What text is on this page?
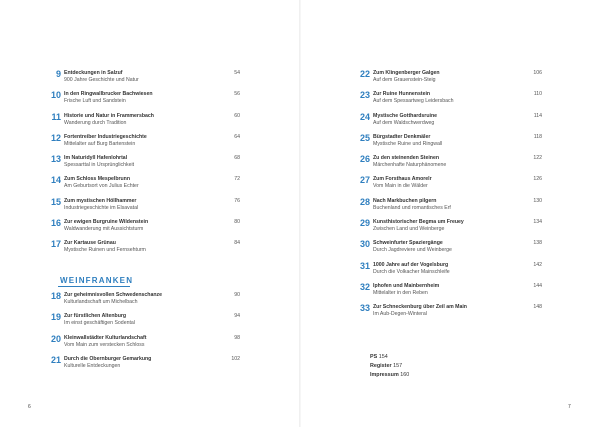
9 Entdeckungen in Salzuf
900 Jahre Geschichte und Natur
54
10 In den Ringwallbrucker Bachwiesen
Frische Luft und Sandstein
56
11 Historie und Natur in Frammersbach
Wanderung durch Tradition
60
12 Fortentreiber Industriegeschichte
Mittelalter auf Burg Bartenstein
64
13 Im Naturidyll Hafenlohrtal
Spessarttal in Ursprünglichkeit
68
14 Zum Schloss Mespelbrunn
Am Geburtsort von Julius Echter
72
15 Zum mystischen Höllhammer
Industriegeschichte im Elsavatal
76
16 Zur ewigen Burgruine Wildenstein
Waldwanderung mit Aussichtsturm
80
17 Zur Kartause Grünau
Mystische Ruinen und Fernsehturm
84
WEINFRANKEN
18 Zur geheimnisvollen Schwedenschanze
Kulturlandschaft um Michelbach
90
19 Zur fürstlichen Altenburg
Im einst geschäftigen Sodental
94
20 Kleinwallstädter Kulturlandschaft
Vom Main zum verstecken Schloss
98
21 Durch die Obernburger Gemarkung
Kulturelle Entdeckungen
102
6	7
22 Zum Klingenberger Galgen
Auf dem Grauenstein-Steig
106
23 Zur Ruine Hunnenstein
Auf dem Spessartweg Leidersbach
110
24 Mystische Gotthardsruine
Auf dem Waldschwerdweg
114
25 Bürgstadter Denkmäler
Mystische Ruine und Ringwall
118
26 Zu den steinenden Steinen
Märchenhafte Naturphänomene
122
27 Zum Forsthaus Amorelr
Vom Main in die Wälder
126
28 Nach Markbuchen pilgern
Buchenland und romantisches Erf
130
29 Kunsthistorischer Begma um Freuey
Zwischen Land und Weinberge
134
30 Schweinfurter Spaziergänge
Durch Jagdreviere und Weinberge
138
31 1000 Jahre auf der Vogelsburg
Durch die Volkacher Mainschleife
142
32 Iphofen und Mainbernheim
Mittelalter in den Reben
144
33 Zur Schneckenburg über Zeil am Main
Im Aub-Degen-Winteral
148
PS 154
Register 157
Impressum 160
